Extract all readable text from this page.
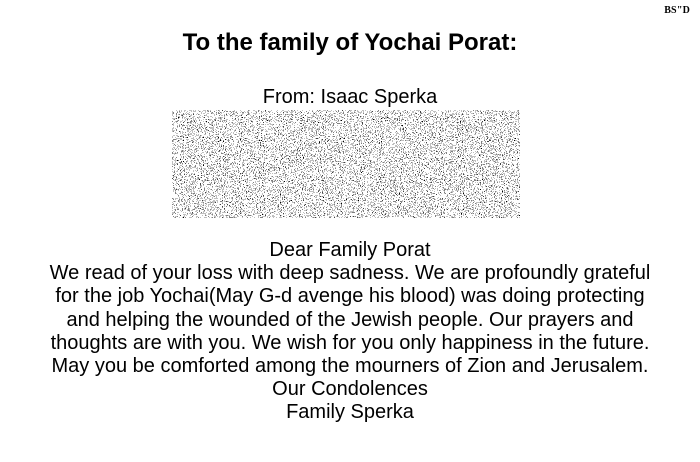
BS"D
To the family of Yochai Porat:
From: Isaac Sperka
Dear Family Porat
We read of your loss with deep sadness. We are profoundly grateful
for the job Yochai(May G-d avenge his blood) was doing protecting
and helping the wounded of the Jewish people. Our prayers and
thoughts are with you. We wish for you only happiness in the future.
May you be comforted among the mourners of Zion and Jerusalem.
Our Condolences
Family Sperka
